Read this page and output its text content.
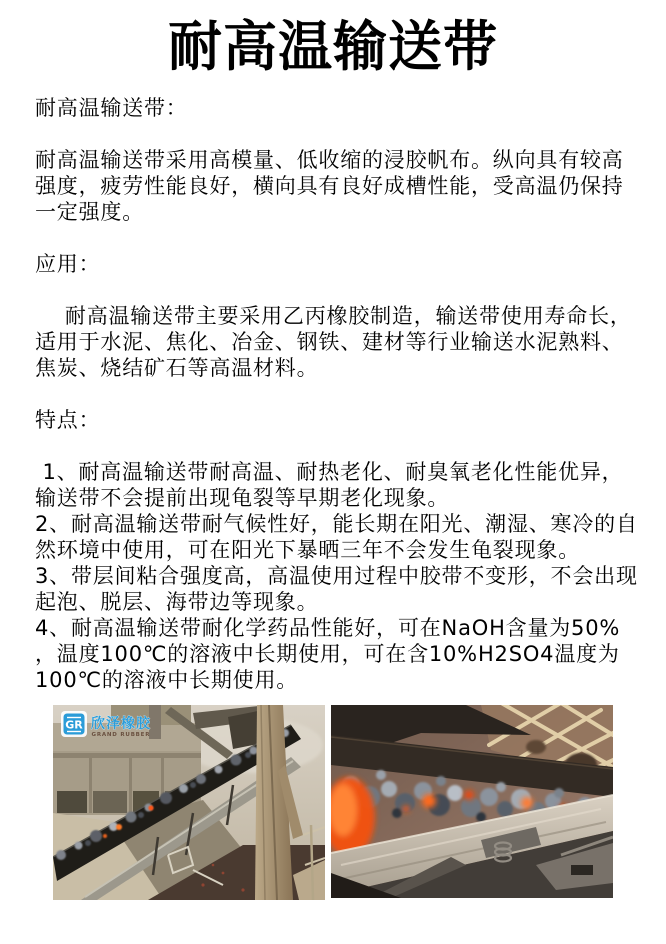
耐高温输送带
耐高温输送带：
耐高温输送带采用高模量、低收缩的浸胶帆布。纵向具有较高
强度，疲劳性能良好，横向具有良好成槽性能，受高温仍保持
一定强度。
应用：
耐高温输送带主要采用乙丙橡胶制造，输送带使用寿命长，
适用于水泥、焦化、冶金、钢铁、建材等行业输送水泥熟料、
焦炭、烧结矿石等高温材料。
特点：
1、耐高温输送带耐高温、耐热老化、耐臭氧老化性能优异，
输送带不会提前出现龟裂等早期老化现象。
2、耐高温输送带耐气候性好，能长期在阳光、潮湿、寒冷的自
然环境中使用，可在阳光下暴晒三年不会发生龟裂现象。
3、带层间粘合强度高，高温使用过程中胶带不变形，不会出现
起泡、脱层、海带边等现象。
4、耐高温输送带耐化学药品性能好，可在NaOH含量为50%
，温度100℃的溶液中长期使用，可在含10%H2SO4温度为
100℃的溶液中长期使用。
GR 欣泽橡胶
GRAND RUBBER
